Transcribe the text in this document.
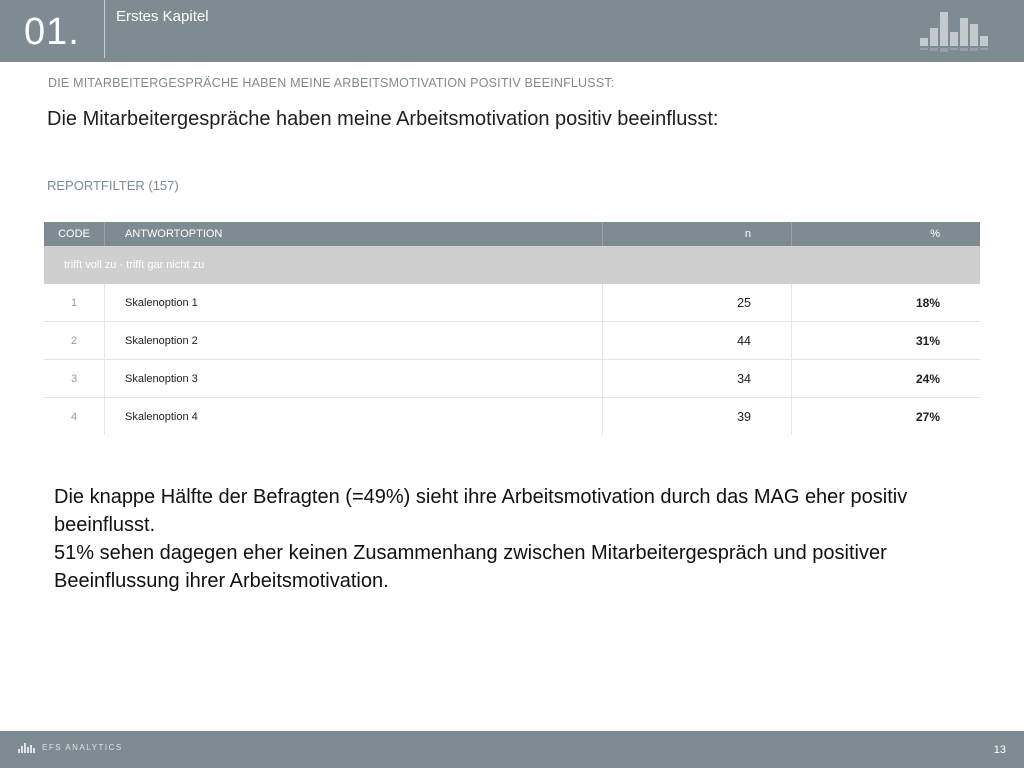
01. Erstes Kapitel
DIE MITARBEITERGESPRÄCHE HABEN MEINE ARBEITSMOTIVATION POSITIV BEEINFLUSST:
Die Mitarbeitergespräche haben meine Arbeitsmotivation positiv beeinflusst:
REPORTFILTER (157)
CODE	ANTWORTOPTION	n	%
trifft voll zu - trifft gar nicht zu			
1	Skalenoption 1	25	18%
2	Skalenoption 2	44	31%
3	Skalenoption 3	34	24%
4	Skalenoption 4	39	27%

Die knappe Hälfte der Befragten (=49%) sieht ihre Arbeitsmotivation durch das MAG eher positiv beeinflusst.

51% sehen dagegen eher keinen Zusammenhang zwischen Mitarbeitergespräch und positiver Beeinflussung ihrer Arbeitsmotivation.

EFS ANALYTICS	13
